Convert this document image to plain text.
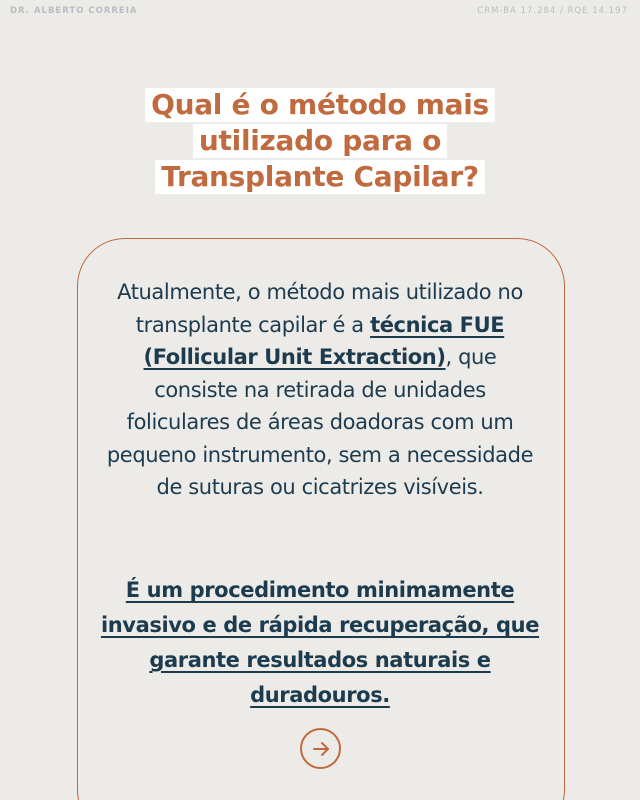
DR. ALBERTO CORREIA	CRM-BA 17.284 / RQE 14.197
Qual é o método mais
utilizado para o
Transplante Capilar?
Atualmente, o método mais utilizado no transplante capilar é a técnica FUE (Follicular Unit Extraction), que consiste na retirada de unidades foliculares de áreas doadoras com um pequeno instrumento, sem a necessidade de suturas ou cicatrizes visíveis.
É um procedimento minimamente invasivo e de rápida recuperação, que garante resultados naturais e duradouros.
